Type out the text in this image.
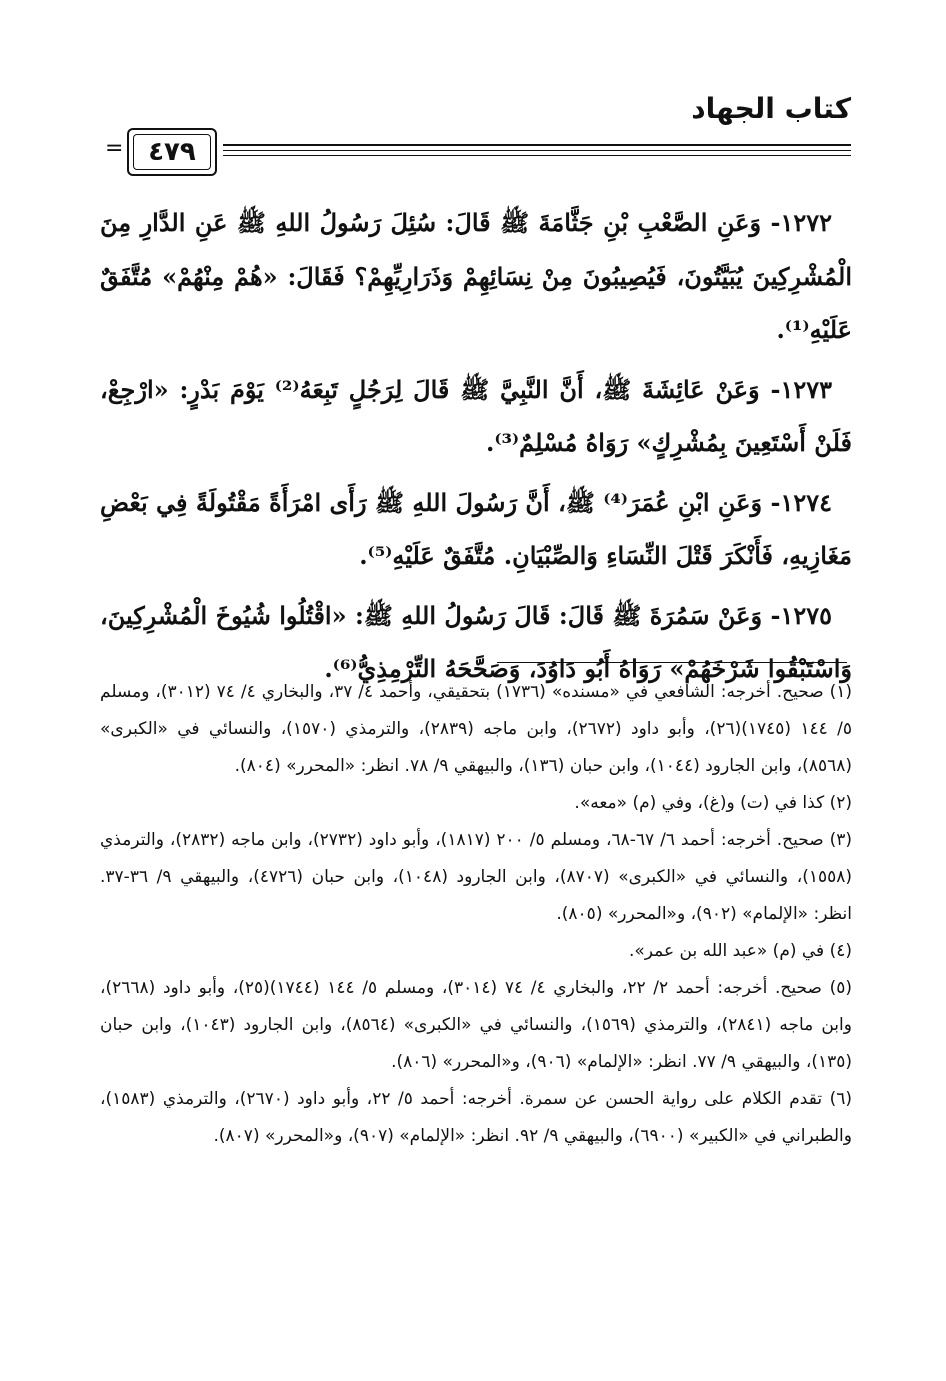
كتاب الجهاد
= ٤٧٩

١٢٧٢- وَعَنِ الصَّعْبِ بْنِ جَثَّامَةَ ﷺ قَالَ: سُئِلَ رَسُولُ اللهِ ﷺ عَنِ الدَّارِ مِنَ الْمُشْرِكِينَ يُبَيَّتُونَ، فَيُصِيبُونَ مِنْ نِسَائِهِمْ وَذَرَارِيِّهِمْ؟ فَقَالَ: «هُمْ مِنْهُمْ» مُتَّفَقٌ عَلَيْهِ⁽¹⁾.

١٢٧٣- وَعَنْ عَائِشَةَ ﷺ، أَنَّ النَّبِيَّ ﷺ قَالَ لِرَجُلٍ تَبِعَهُ⁽²⁾ يَوْمَ بَدْرٍ: «ارْجِعْ، فَلَنْ أَسْتَعِينَ بِمُشْرِكٍ» رَوَاهُ مُسْلِمٌ⁽³⁾.

١٢٧٤- وَعَنِ ابْنِ عُمَرَ⁽⁴⁾ ﷺ، أَنَّ رَسُولَ اللهِ ﷺ رَأَى امْرَأَةً مَقْتُولَةً فِي بَعْضِ مَغَازِيهِ، فَأَنْكَرَ قَتْلَ النِّسَاءِ وَالصِّبْيَانِ. مُتَّفَقٌ عَلَيْهِ⁽⁵⁾.

١٢٧٥- وَعَنْ سَمُرَةَ ﷺ قَالَ: قَالَ رَسُولُ اللهِ ﷺ: «اقْتُلُوا شُيُوخَ الْمُشْرِكِينَ، وَاسْتَبْقُوا شَرْخَهُمْ» رَوَاهُ أَبُو دَاوُدَ، وَصَحَّحَهُ التِّرْمِذِيُّ⁽⁶⁾.

(١) صحيح. أخرجه: الشافعي في «مسنده» (١٧٣٦) بتحقيقي، وأحمد ٤/ ٣٧، والبخاري ٤/ ٧٤ (٣٠١٢)، ومسلم ٥/ ١٤٤ (١٧٤٥)(٢٦)، وأبو داود (٢٦٧٢)، وابن ماجه (٢٨٣٩)، والترمذي (١٥٧٠)، والنسائي في «الكبرى» (٨٥٦٨)، وابن الجارود (١٠٤٤)، وابن حبان (١٣٦)، والبيهقي ٩/ ٧٨. انظر: «المحرر» (٨٠٤).

(٢) كذا في (ت) و(غ)، وفي (م) «معه».

(٣) صحيح. أخرجه: أحمد ٦/ ٦٧-٦٨، ومسلم ٥/ ٢٠٠ (١٨١٧)، وأبو داود (٢٧٣٢)، وابن ماجه (٢٨٣٢)، والترمذي (١٥٥٨)، والنسائي في «الكبرى» (٨٧٠٧)، وابن الجارود (١٠٤٨)، وابن حبان (٤٧٢٦)، والبيهقي ٩/ ٣٦-٣٧. انظر: «الإلمام» (٩٠٢)، و«المحرر» (٨٠٥).

(٤) في (م) «عبد الله بن عمر».

(٥) صحيح. أخرجه: أحمد ٢/ ٢٢، والبخاري ٤/ ٧٤ (٣٠١٤)، ومسلم ٥/ ١٤٤ (١٧٤٤)(٢٥)، وأبو داود (٢٦٦٨)، وابن ماجه (٢٨٤١)، والترمذي (١٥٦٩)، والنسائي في «الكبرى» (٨٥٦٤)، وابن الجارود (١٠٤٣)، وابن حبان (١٣٥)، والبيهقي ٩/ ٧٧. انظر: «الإلمام» (٩٠٦)، و«المحرر» (٨٠٦).

(٦) تقدم الكلام على رواية الحسن عن سمرة. أخرجه: أحمد ٥/ ٢٢، وأبو داود (٢٦٧٠)، والترمذي (١٥٨٣)، والطبراني في «الكبير» (٦٩٠٠)، والبيهقي ٩/ ٩٢. انظر: «الإلمام» (٩٠٧)، و«المحرر» (٨٠٧).
